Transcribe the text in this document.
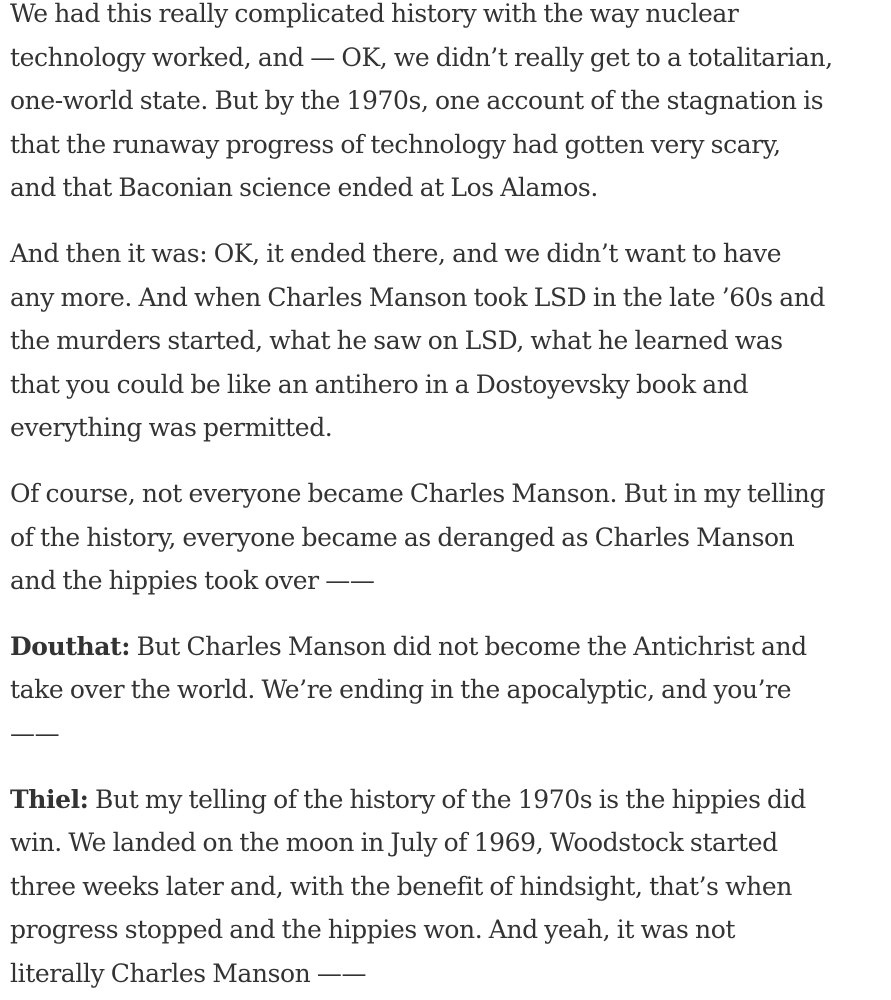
We had this really complicated history with the way nuclear
technology worked, and — OK, we didn’t really get to a totalitarian,
one-world state. But by the 1970s, one account of the stagnation is
that the runaway progress of technology had gotten very scary,
and that Baconian science ended at Los Alamos.

And then it was: OK, it ended there, and we didn’t want to have
any more. And when Charles Manson took LSD in the late ’60s and
the murders started, what he saw on LSD, what he learned was
that you could be like an antihero in a Dostoyevsky book and
everything was permitted.

Of course, not everyone became Charles Manson. But in my telling
of the history, everyone became as deranged as Charles Manson
and the hippies took over ——

Douthat: But Charles Manson did not become the Antichrist and
take over the world. We’re ending in the apocalyptic, and you’re
——

Thiel: But my telling of the history of the 1970s is the hippies did
win. We landed on the moon in July of 1969, Woodstock started
three weeks later and, with the benefit of hindsight, that’s when
progress stopped and the hippies won. And yeah, it was not
literally Charles Manson ——
